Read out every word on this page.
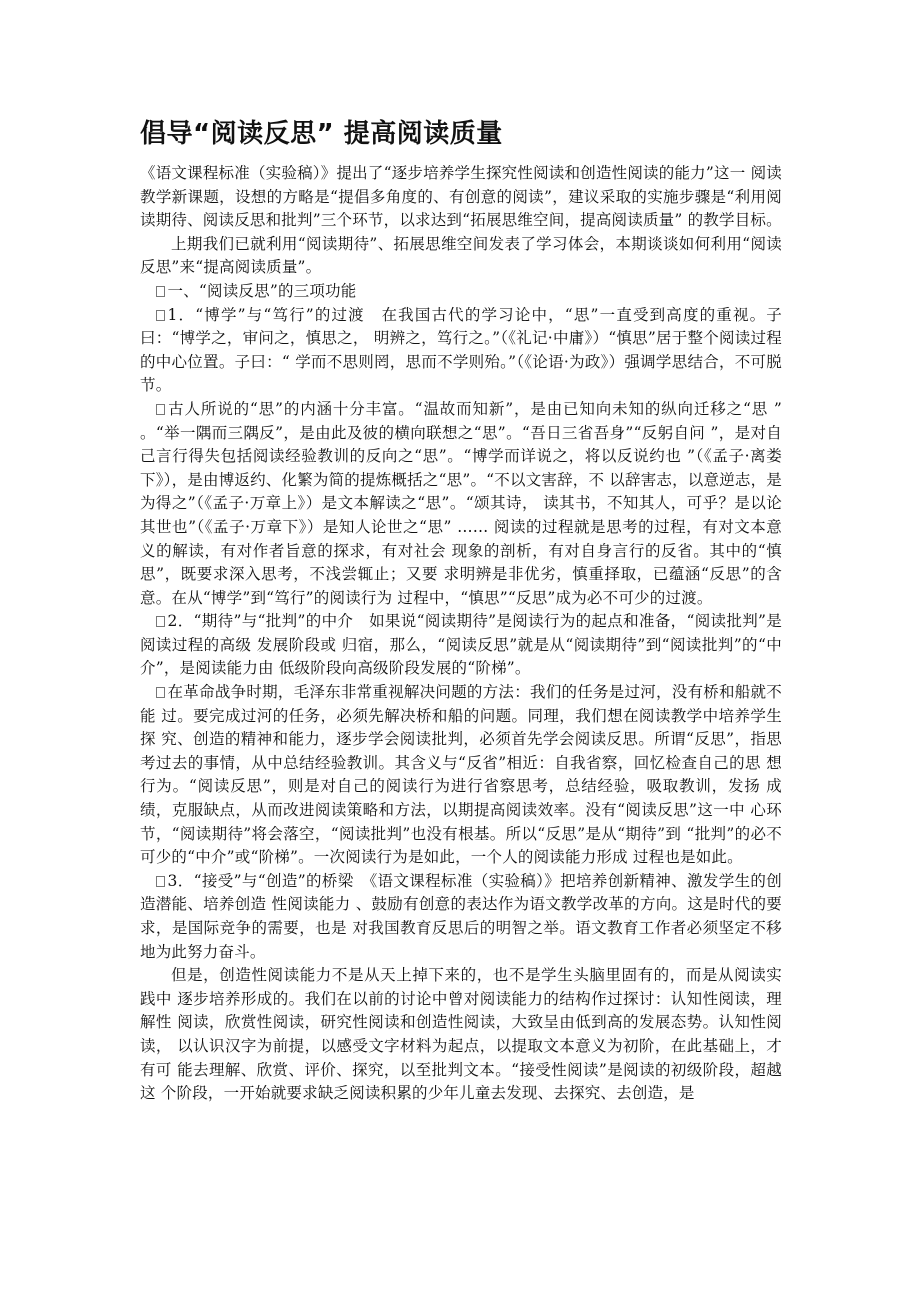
倡导“阅读反思” 提高阅读质量

《语文课程标准（实验稿）》提出了“逐步培养学生探究性阅读和创造性阅读的能力”这一 阅读教学新课题，设想的方略是“提倡多角度的、有创意的阅读”，建议采取的实施步骤是“利用阅读期待、阅读反思和批判”三个环节，以求达到“拓展思维空间，提高阅读质量” 的教学目标。

上期我们已就利用“阅读期待”、拓展思维空间发表了学习体会，本期谈谈如何利用“阅读 反思”来“提高阅读质量”。

一、“阅读反思”的三项功能

1．“博学”与“笃行”的过渡　在我国古代的学习论中，“思”一直受到高度的重视。子曰：“博学之，审问之，慎思之， 明辨之，笃行之。”（《礼记·中庸》）“慎思”居于整个阅读过程的中心位置。子曰：“ 学而不思则罔，思而不学则殆。”（《论语·为政》）强调学思结合，不可脱节。

古人所说的“思”的内涵十分丰富。“温故而知新”，是由已知向未知的纵向迁移之“思 ” 。“举一隅而三隅反”，是由此及彼的横向联想之“思”。“吾日三省吾身”“反躬自问 ”，是对自己言行得失包括阅读经验教训的反向之“思”。“博学而详说之，将以反说约也 ”（《孟子·离娄下》），是由博返约、化繁为简的提炼概括之“思”。“不以文害辞，不 以辞害志，以意逆志，是为得之”（《孟子·万章上》）是文本解读之“思”。“颂其诗， 读其书，不知其人，可乎？是以论其世也”（《孟子·万章下》）是知人论世之“思” …… 阅读的过程就是思考的过程，有对文本意义的解读，有对作者旨意的探求，有对社会 现象的剖析，有对自身言行的反省。其中的“慎思”，既要求深入思考，不浅尝辄止；又要 求明辨是非优劣，慎重择取，已蕴涵“反思”的含意。在从“博学”到“笃行”的阅读行为 过程中，“慎思”“反思”成为必不可少的过渡。

2．“期待”与“批判”的中介　如果说“阅读期待”是阅读行为的起点和准备，“阅读批判”是阅读过程的高级 发展阶段或 归宿，那么，“阅读反思”就是从“阅读期待”到“阅读批判”的“中介”，是阅读能力由 低级阶段向高级阶段发展的“阶梯”。

在革命战争时期，毛泽东非常重视解决问题的方法：我们的任务是过河，没有桥和船就不 能 过。要完成过河的任务，必须先解决桥和船的问题。同理，我们想在阅读教学中培养学生探 究、创造的精神和能力，逐步学会阅读批判，必须首先学会阅读反思。所谓“反思”，指思 考过去的事情，从中总结经验教训。其含义与“反省”相近：自我省察，回忆检查自己的思 想行为。“阅读反思”，则是对自己的阅读行为进行省察思考，总结经验，吸取教训，发扬 成绩，克服缺点，从而改进阅读策略和方法，以期提高阅读效率。没有“阅读反思”这一中 心环节，“阅读期待”将会落空，“阅读批判”也没有根基。所以“反思”是从“期待”到 “批判”的必不可少的“中介”或“阶梯”。一次阅读行为是如此，一个人的阅读能力形成 过程也是如此。

3．“接受”与“创造”的桥梁　《语文课程标准（实验稿）》把培养创新精神、激发学生的创造潜能、培养创造 性阅读能力 、鼓励有创意的表达作为语文教学改革的方向。这是时代的要求，是国际竞争的需要，也是 对我国教育反思后的明智之举。语文教育工作者必须坚定不移地为此努力奋斗。

但是，创造性阅读能力不是从天上掉下来的，也不是学生头脑里固有的，而是从阅读实践中 逐步培养形成的。我们在以前的讨论中曾对阅读能力的结构作过探讨：认知性阅读，理解性 阅读，欣赏性阅读，研究性阅读和创造性阅读，大致呈由低到高的发展态势。认知性阅读， 以认识汉字为前提，以感受文字材料为起点，以提取文本意义为初阶，在此基础上，才有可 能去理解、欣赏、评价、探究，以至批判文本。“接受性阅读”是阅读的初级阶段，超越这 个阶段，一开始就要求缺乏阅读积累的少年儿童去发现、去探究、去创造，是
